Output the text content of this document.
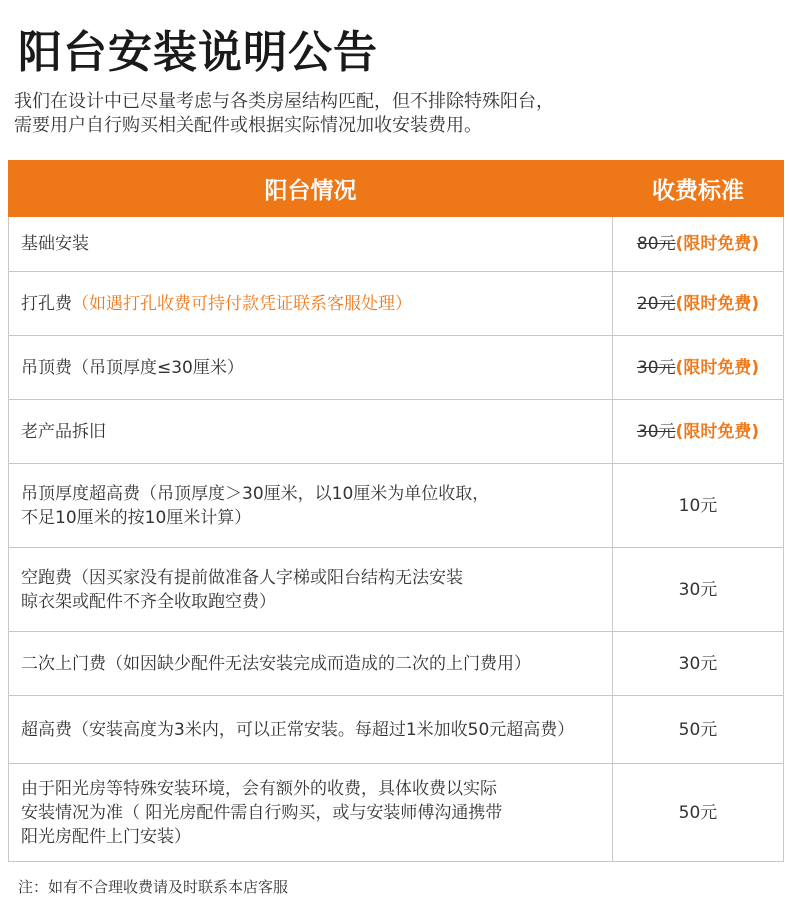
阳台安装说明公告
我们在设计中已尽量考虑与各类房屋结构匹配，但不排除特殊阳台，
需要用户自行购买相关配件或根据实际情况加收安装费用。
阳台情况	收费标准
基础安装	80元(限时免费)
打孔费（如遇打孔收费可持付款凭证联系客服处理）	20元(限时免费)
吊顶费（吊顶厚度≤30厘米）	30元(限时免费)
老产品拆旧	30元(限时免费)

吊顶厚度超高费（吊顶厚度＞30厘米，以10厘米为单位收取，
不足10厘米的按10厘米计算）	10元

空跑费（因买家没有提前做准备人字梯或阳台结构无法安装
晾衣架或配件不齐全收取跑空费）	30元
二次上门费（如因缺少配件无法安装完成而造成的二次的上门费用）	30元
超高费（安装高度为3米内，可以正常安装。每超过1米加收50元超高费）	50元

由于阳光房等特殊安装环境，会有额外的收费，具体收费以实际
安装情况为准（ 阳光房配件需自行购买，或与安装师傅沟通携带
阳光房配件上门安装）	50元
注：如有不合理收费请及时联系本店客服
